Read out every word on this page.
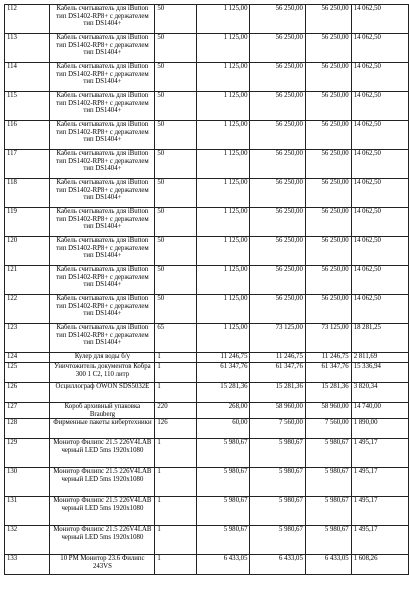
112	Кабель считыватель для iButton тип DS1402-RP8+ с держателем тип DS1404+	50	1 125,00	56 250,00	56 250,00	14 062,50
113	Кабель считыватель для iButton тип DS1402-RP8+ с держателем тип DS1404+	50	1 125,00	56 250,00	56 250,00	14 062,50
114	Кабель считыватель для iButton тип DS1402-RP8+ с держателем тип DS1404+	50	1 125,00	56 250,00	56 250,00	14 062,50
115	Кабель считыватель для iButton тип DS1402-RP8+ с держателем тип DS1404+	50	1 125,00	56 250,00	56 250,00	14 062,50
116	Кабель считыватель для iButton тип DS1402-RP8+ с держателем тип DS1404+	50	1 125,00	56 250,00	56 250,00	14 062,50
117	Кабель считыватель для iButton тип DS1402-RP8+ с держателем тип DS1404+	50	1 125,00	56 250,00	56 250,00	14 062,50
118	Кабель считыватель для iButton тип DS1402-RP8+ с держателем тип DS1404+	50	1 125,00	56 250,00	56 250,00	14 062,50
119	Кабель считыватель для iButton тип DS1402-RP8+ с держателем тип DS1404+	50	1 125,00	56 250,00	56 250,00	14 062,50
120	Кабель считыватель для iButton тип DS1402-RP8+ с держателем тип DS1404+	50	1 125,00	56 250,00	56 250,00	14 062,50
121	Кабель считыватель для iButton тип DS1402-RP8+ с держателем тип DS1404+	50	1 125,00	56 250,00	56 250,00	14 062,50
122	Кабель считыватель для iButton тип DS1402-RP8+ с держателем тип DS1404+	50	1 125,00	56 250,00	56 250,00	14 062,50
123	Кабель считыватель для iButton тип DS1402-RP8+ с держателем тип DS1404+	65	1 125,00	73 125,00	73 125,00	18 281,25
124	Кулер для воды б/у	1	11 246,75	11 246,75	11 246,75	2 811,69
125	Уничтожитель документов Кобра 300 1 С2, 110 литр	1	61 347,76	61 347,76	61 347,76	15 336,94
126	Осциллограф OWON SDS5032E	1	15 281,36	15 281,36	15 281,36	3 820,34
127	Короб архивный упаковка Brauberg	220	268,00	58 960,00	58 960,00	14 740,00
128	Фирменные пакеты кибертехники	126	60,00	7 560,00	7 560,00	1 890,00
129	Монитор Филипс 21.5 226V4LAB черный LED 5ms 1920x1080	1	5 980,67	5 980,67	5 980,67	1 495,17
130	Монитор Филипс 21.5 226V4LAB черный LED 5ms 1920x1080	1	5 980,67	5 980,67	5 980,67	1 495,17
131	Монитор Филипс 21.5 226V4LAB черный LED 5ms 1920x1080	1	5 980,67	5 980,67	5 980,67	1 495,17
132	Монитор Филипс 21.5 226V4LAB черный LED 5ms 1920x1080	1	5 980,67	5 980,67	5 980,67	1 495,17
133	10 PM Монитор 23.6 Филипс 243VS	1	6 433,05	6 433,05	6 433,05	1 608,26
